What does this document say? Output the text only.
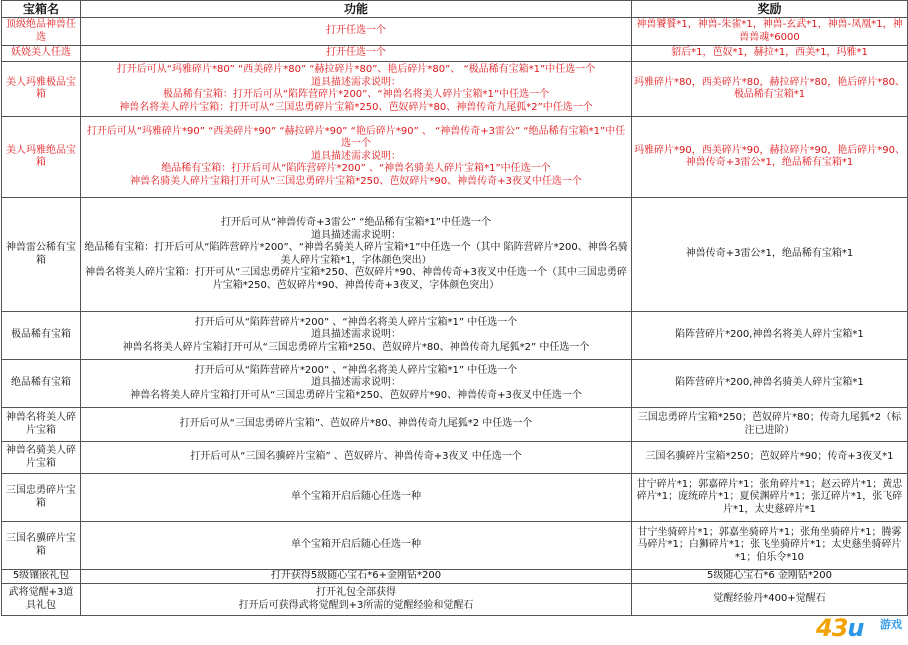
宝箱名	功能	奖励
顶级绝品神兽任选	打开任选一个	神兽饕餮*1，神兽-朱雀*1，神兽-玄武*1，神兽-凤凰*1，神兽兽魂*6000
妖娆美人任选	打开任选一个	貂后*1，芭奴*1，赫拉*1，西美*1，玛雅*1
美人玛雅极品宝箱	打开后可从“玛雅碎片*80” “西美碎片*80” “赫拉碎片*80”、艳后碎片*80”、 “极品稀有宝箱*1”中任选一个
道具描述需求说明：
极品稀有宝箱：打开后可从“陷阵营碎片*200”、“神兽名将美人碎片宝箱*1”中任选一个
神兽名将美人碎片宝箱：打开可从“三国忠勇碎片宝箱*250、芭奴碎片*80、神兽传奇九尾狐*2”中任选一个	玛雅碎片*80，西美碎片*80，赫拉碎片*80，艳后碎片*80、极品稀有宝箱*1
美人玛雅绝品宝箱	打开后可从“玛雅碎片*90” “西美碎片*90” “赫拉碎片*90” “艳后碎片*90” 、 “神兽传奇+3雷公” “绝品稀有宝箱*1”中任选一个
道具描述需求说明：
绝品稀有宝箱：打开后可从“陷阵营碎片*200” 、“神兽名骑美人碎片宝箱*1”中任选一个
神兽名骑美人碎片宝箱打开可从“三国忠勇碎片宝箱*250、芭奴碎片*90、神兽传奇+3夜叉中任选一个	玛雅碎片*90，西美碎片*90，赫拉碎片*90，艳后碎片*90、神兽传奇+3雷公*1，绝品稀有宝箱*1
神兽雷公稀有宝箱	打开后可从“神兽传奇+3雷公” “绝品稀有宝箱*1”中任选一个
道具描述需求说明：
绝品稀有宝箱：打开后可从“陷阵营碎片*200”、“神兽名骑美人碎片宝箱*1”中任选一个（其中 陷阵营碎片*200、神兽名骑美人碎片宝箱*1，字体颜色突出）
神兽名将美人碎片宝箱：打开可从“三国忠勇碎片宝箱*250、芭奴碎片*90、神兽传奇+3夜叉中任选一个（其中三国忠勇碎片宝箱*250、芭奴碎片*90、神兽传奇+3夜叉，字体颜色突出）	神兽传奇+3雷公*1，绝品稀有宝箱*1
极品稀有宝箱	打开后可从“陷阵营碎片*200” 、“神兽名将美人碎片宝箱*1” 中任选一个
道具描述需求说明：
神兽名将美人碎片宝箱打开可从“三国忠勇碎片宝箱*250、芭奴碎片*80、神兽传奇九尾狐*2” 中任选一个	陷阵营碎片*200,神兽名将美人碎片宝箱*1
绝品稀有宝箱	打开后可从“陷阵营碎片*200” 、“神兽名将美人碎片宝箱*1” 中任选一个
道具描述需求说明：
神兽名将美人碎片宝箱打开可从“三国忠勇碎片宝箱*250、芭奴碎片*90、神兽传奇+3夜叉中任选一个	陷阵营碎片*200,神兽名骑美人碎片宝箱*1
神兽名将美人碎片宝箱	打开后可从“三国忠勇碎片宝箱”、芭奴碎片*80、神兽传奇九尾狐*2 中任选一个	三国忠勇碎片宝箱*250；芭奴碎片*80；传奇九尾狐*2（标注已进阶）
神兽名骑美人碎片宝箱	打开后可从“三国名骥碎片宝箱” 、芭奴碎片、神兽传奇+3夜叉 中任选一个	三国名骥碎片宝箱*250；芭奴碎片*90；传奇+3夜叉*1
三国忠勇碎片宝箱	单个宝箱开启后随心任选一种	甘宁碎片*1；郭嘉碎片*1；张角碎片*1；赵云碎片*1；黄忠碎片*1；庞统碎片*1；夏侯渊碎片*1；张辽碎片*1，张飞碎片*1，太史慈碎片*1
三国名骥碎片宝箱	单个宝箱开启后随心任选一种	甘宁坐骑碎片*1；郭嘉坐骑碎片*1；张角坐骑碎片*1；腾雾马碎片*1；白狮碎片*1；张飞坐骑碎片*1；太史慈坐骑碎片*1；伯乐令*10
5级镶嵌礼包	打开获得5级随心宝石*6+金刚钻*200	5级随心宝石*6 金刚钻*200
武将觉醒+3道具礼包	打开礼包全部获得
打开后可获得武将觉醒到+3所需的觉醒经验和觉醒石	觉醒经验丹*400+觉醒石
43u 游戏
